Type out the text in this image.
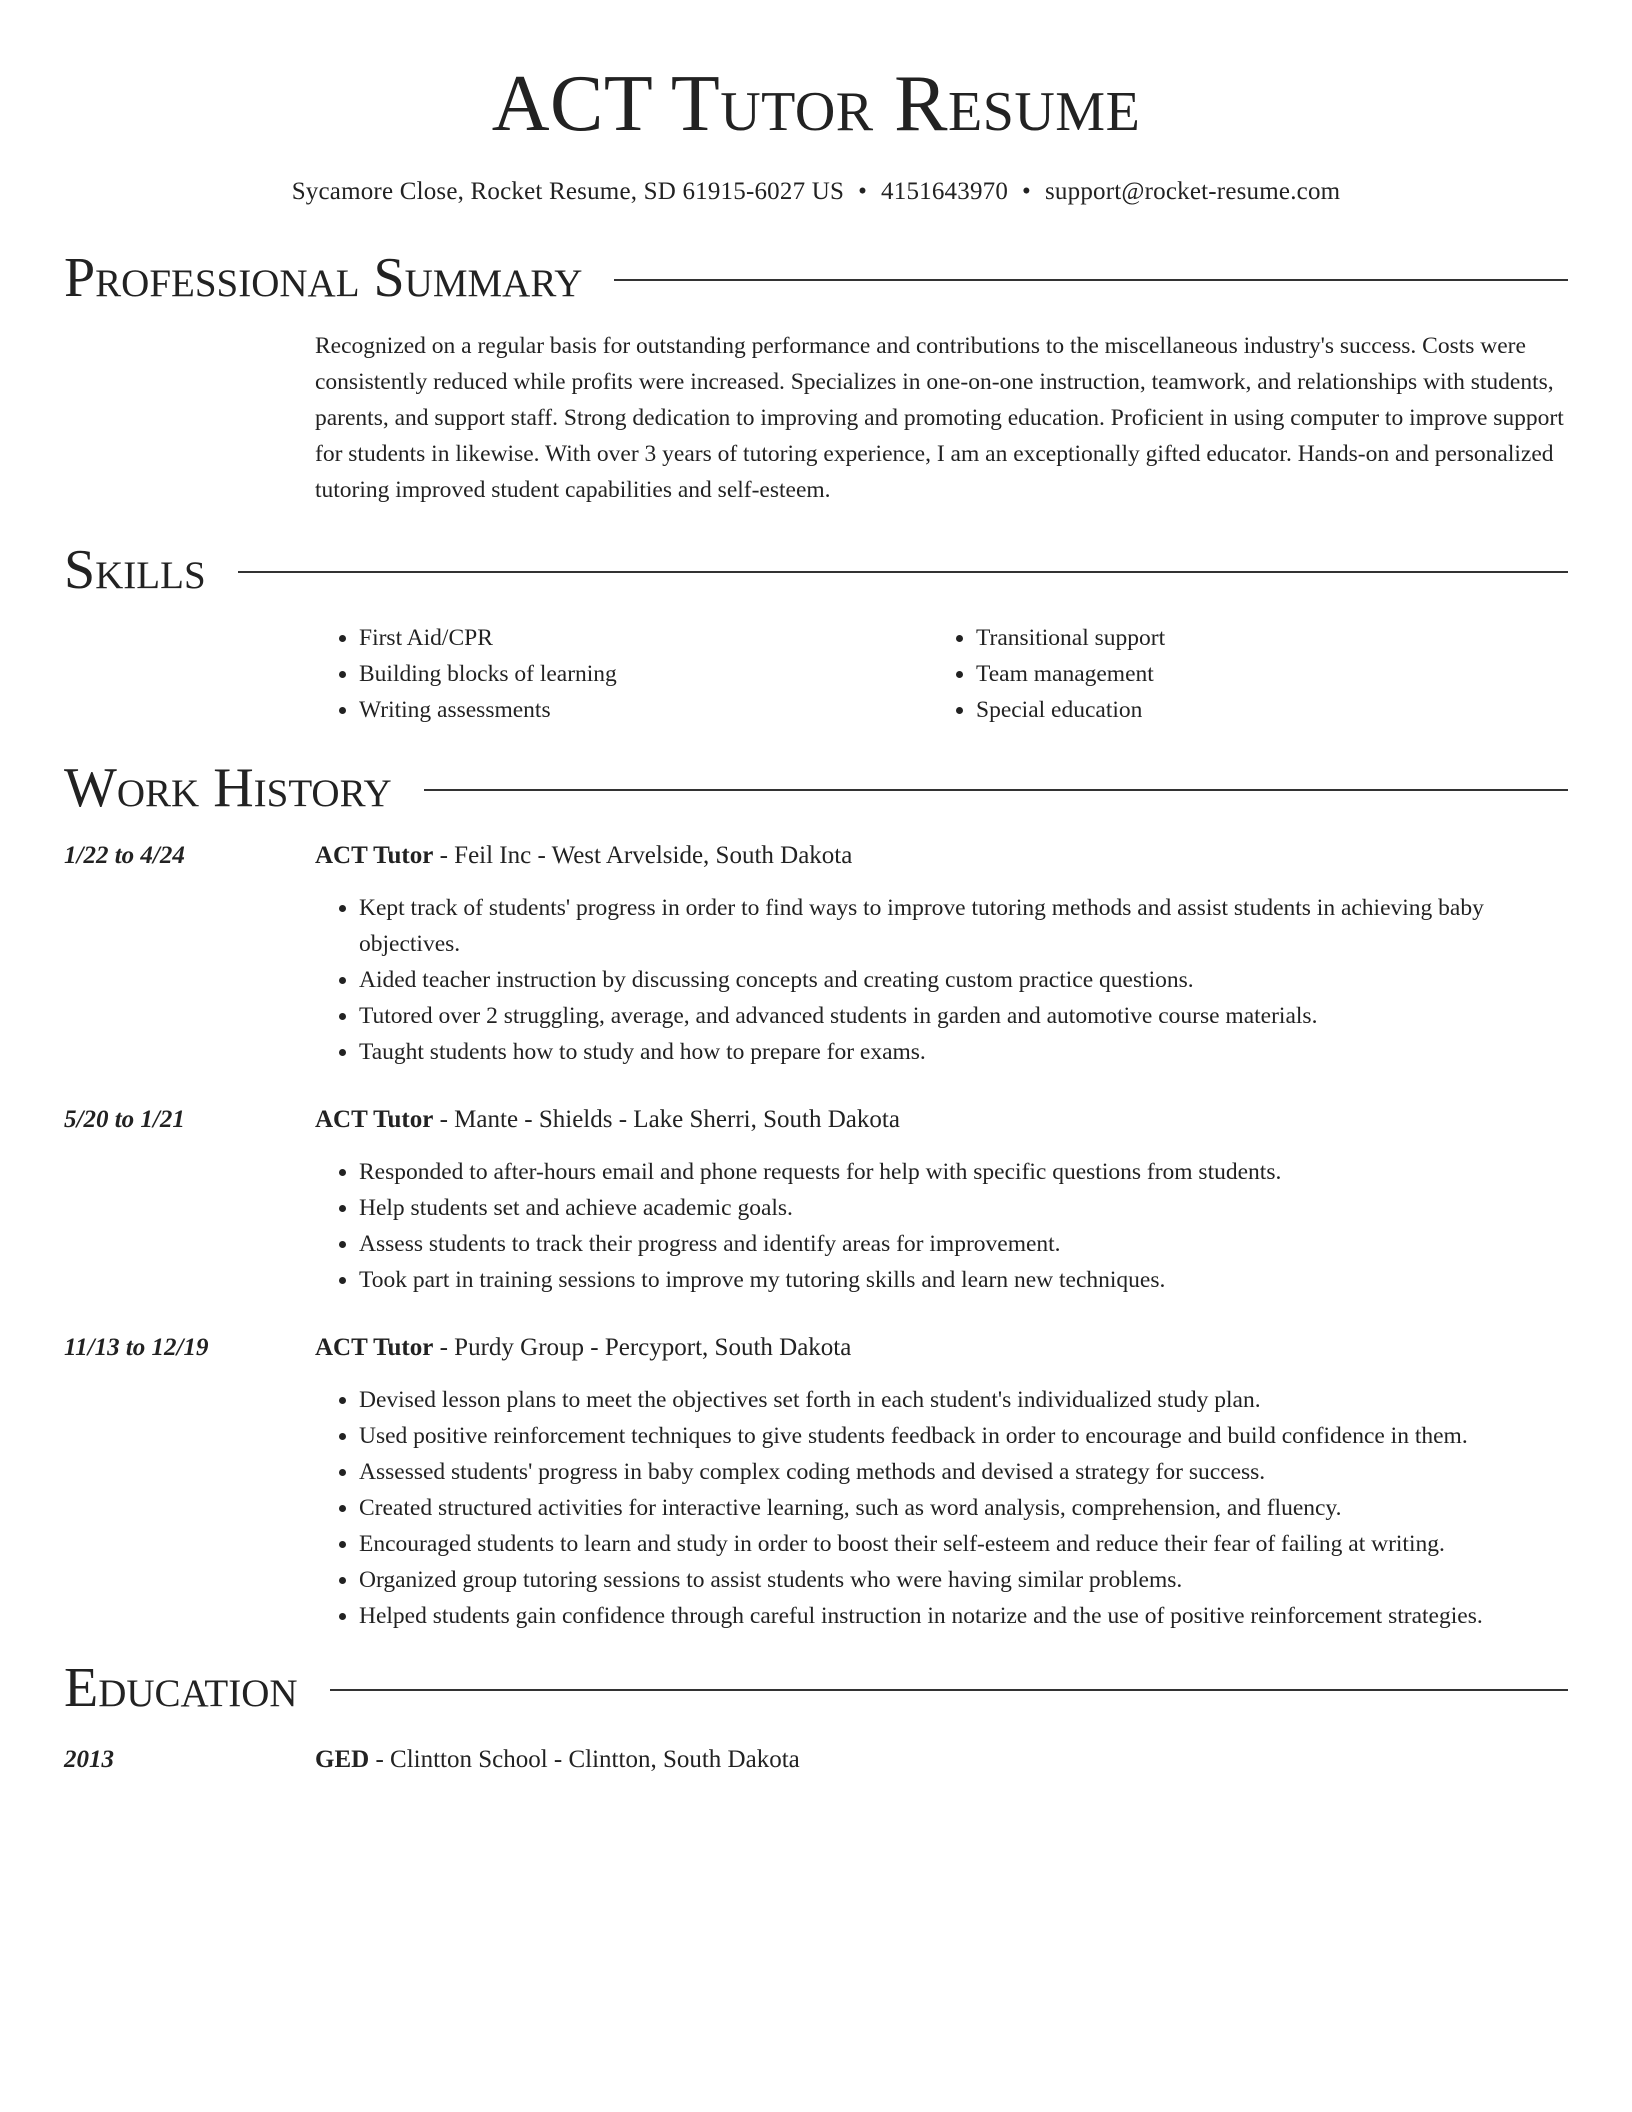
ACT Tutor Resume
Sycamore Close, Rocket Resume, SD 61915-6027 US • 4151643970 • support@rocket-resume.com
Professional Summary
Recognized on a regular basis for outstanding performance and contributions to the miscellaneous industry's success. Costs were consistently reduced while profits were increased. Specializes in one-on-one instruction, teamwork, and relationships with students, parents, and support staff. Strong dedication to improving and promoting education. Proficient in using computer to improve support for students in likewise. With over 3 years of tutoring experience, I am an exceptionally gifted educator. Hands-on and personalized tutoring improved student capabilities and self-esteem.
Skills
• First Aid/CPR
• Building blocks of learning
• Writing assessments
• Transitional support
• Team management
• Special education
Work History
1/22 to 4/24	ACT Tutor - Feil Inc - West Arvelside, South Dakota
• Kept track of students' progress in order to find ways to improve tutoring methods and assist students in achieving baby objectives.
• Aided teacher instruction by discussing concepts and creating custom practice questions.
• Tutored over 2 struggling, average, and advanced students in garden and automotive course materials.
• Taught students how to study and how to prepare for exams.
5/20 to 1/21	ACT Tutor - Mante - Shields - Lake Sherri, South Dakota
• Responded to after-hours email and phone requests for help with specific questions from students.
• Help students set and achieve academic goals.
• Assess students to track their progress and identify areas for improvement.
• Took part in training sessions to improve my tutoring skills and learn new techniques.
11/13 to 12/19	ACT Tutor - Purdy Group - Percyport, South Dakota
• Devised lesson plans to meet the objectives set forth in each student's individualized study plan.
• Used positive reinforcement techniques to give students feedback in order to encourage and build confidence in them.
• Assessed students' progress in baby complex coding methods and devised a strategy for success.
• Created structured activities for interactive learning, such as word analysis, comprehension, and fluency.
• Encouraged students to learn and study in order to boost their self-esteem and reduce their fear of failing at writing.
• Organized group tutoring sessions to assist students who were having similar problems.
• Helped students gain confidence through careful instruction in notarize and the use of positive reinforcement strategies.
Education
2013	GED - Clintton School - Clintton, South Dakota
